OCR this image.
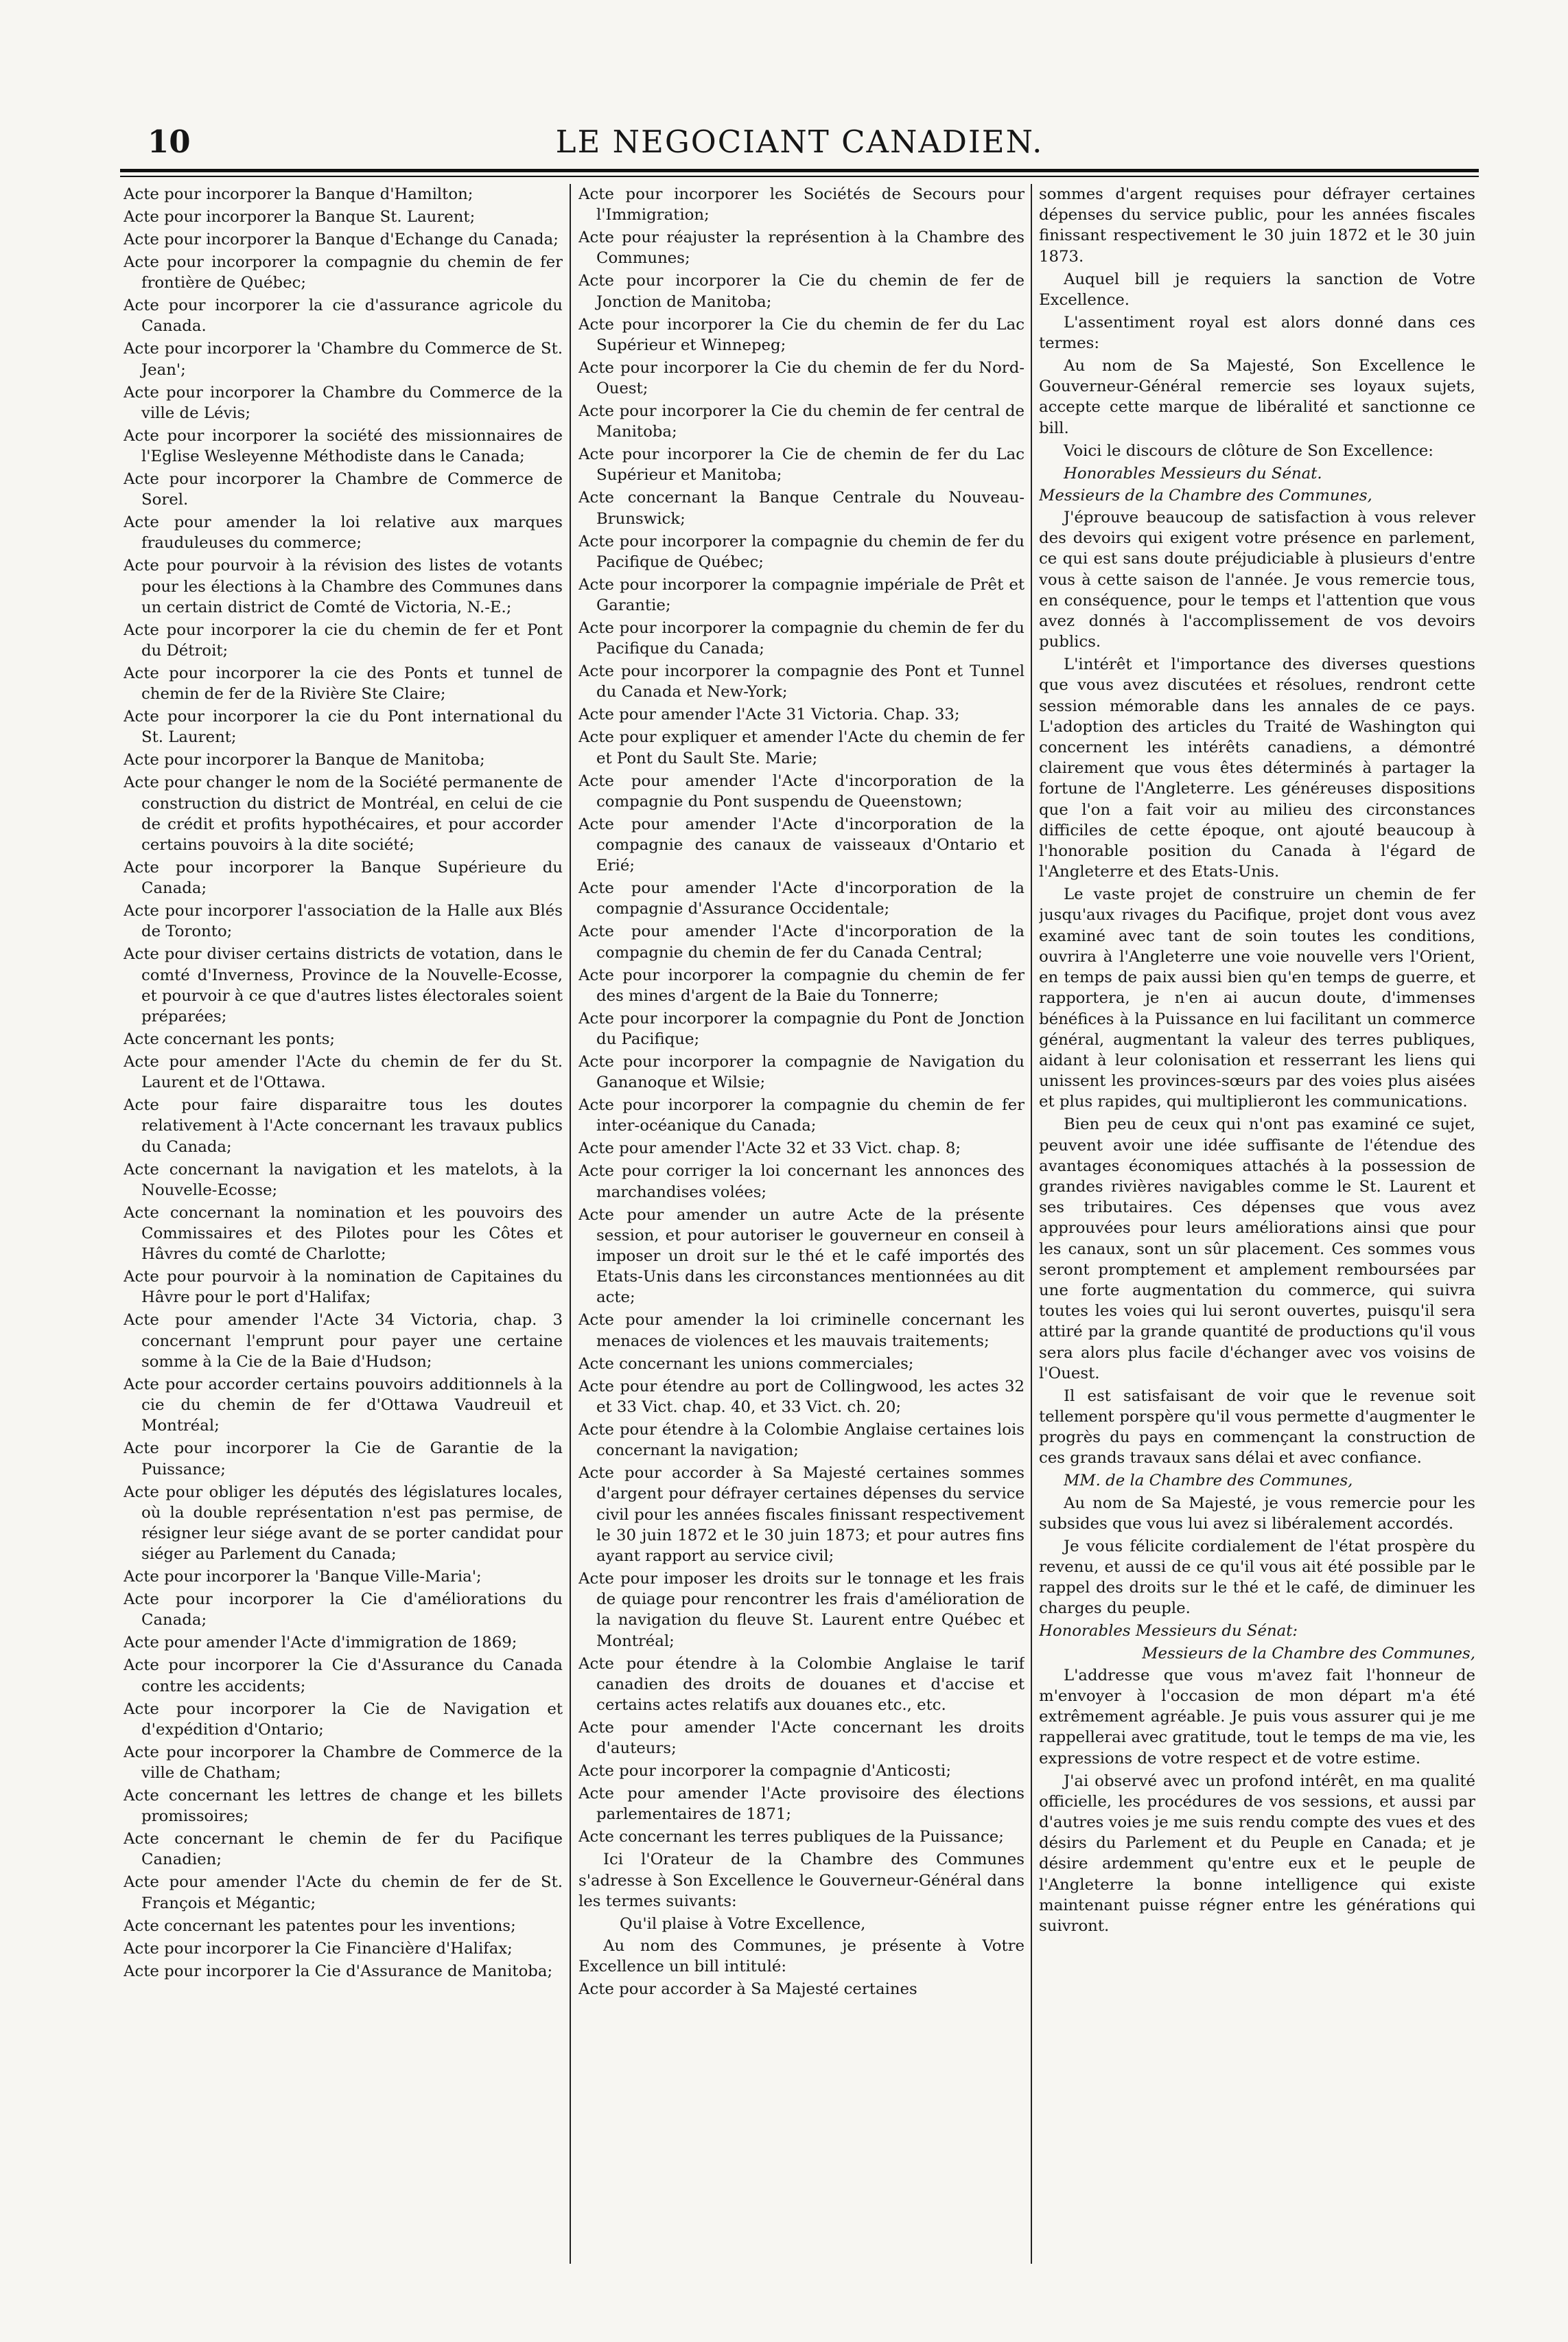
10	LE NEGOCIANT CANADIEN.

Acte pour incorporer la Banque d'Hamilton;

Acte pour incorporer la Banque St. Laurent;

Acte pour incorporer la Banque d'Echange du Canada;

Acte pour incorporer la compagnie du chemin de fer frontière de Québec;

Acte pour incorporer la cie d'assurance agricole du Canada.

Acte pour incorporer la 'Chambre du Commerce de St. Jean';

Acte pour incorporer la Chambre du Commerce de la ville de Lévis;

Acte pour incorporer la société des missionnaires de l'Eglise Wesleyenne Méthodiste dans le Canada;

Acte pour incorporer la Chambre de Commerce de Sorel.

Acte pour amender la loi relative aux marques frauduleuses du commerce;

Acte pour pourvoir à la révision des listes de votants pour les élections à la Chambre des Communes dans un certain district de Comté de Victoria, N.-E.;

Acte pour incorporer la cie du chemin de fer et Pont du Détroit;

Acte pour incorporer la cie des Ponts et tunnel de chemin de fer de la Rivière Ste Claire;

Acte pour incorporer la cie du Pont international du St. Laurent;

Acte pour incorporer la Banque de Manitoba;

Acte pour changer le nom de la Société permanente de construction du district de Montréal, en celui de cie de crédit et profits hypothécaires, et pour accorder certains pouvoirs à la dite société;

Acte pour incorporer la Banque Supérieure du Canada;

Acte pour incorporer l'association de la Halle aux Blés de Toronto;

Acte pour diviser certains districts de votation, dans le comté d'Inverness, Province de la Nouvelle-Ecosse, et pourvoir à ce que d'autres listes électorales soient préparées;

Acte concernant les ponts;

Acte pour amender l'Acte du chemin de fer du St. Laurent et de l'Ottawa.

Acte pour faire disparaitre tous les doutes relativement à l'Acte concernant les travaux publics du Canada;

Acte concernant la navigation et les matelots, à la Nouvelle-Ecosse;

Acte concernant la nomination et les pouvoirs des Commissaires et des Pilotes pour les Côtes et Hâvres du comté de Charlotte;

Acte pour pourvoir à la nomination de Capitaines du Hâvre pour le port d'Halifax;

Acte pour amender l'Acte 34 Victoria, chap. 3 concernant l'emprunt pour payer une certaine somme à la Cie de la Baie d'Hudson;

Acte pour accorder certains pouvoirs additionnels à la cie du chemin de fer d'Ottawa Vaudreuil et Montréal;

Acte pour incorporer la Cie de Garantie de la Puissance;

Acte pour obliger les députés des législatures locales, où la double représentation n'est pas permise, de résigner leur siége avant de se porter candidat pour siéger au Parlement du Canada;

Acte pour incorporer la 'Banque Ville-Maria';

Acte pour incorporer la Cie d'améliorations du Canada;

Acte pour amender l'Acte d'immigration de 1869;

Acte pour incorporer la Cie d'Assurance du Canada contre les accidents;

Acte pour incorporer la Cie de Navigation et d'expédition d'Ontario;

Acte pour incorporer la Chambre de Commerce de la ville de Chatham;

Acte concernant les lettres de change et les billets promissoires;

Acte concernant le chemin de fer du Pacifique Canadien;

Acte pour amender l'Acte du chemin de fer de St. François et Mégantic;

Acte concernant les patentes pour les inventions;

Acte pour incorporer la Cie Financière d'Halifax;

Acte pour incorporer la Cie d'Assurance de Manitoba;

Acte pour incorporer les Sociétés de Secours pour l'Immigration;

Acte pour réajuster la représention à la Chambre des Communes;

Acte pour incorporer la Cie du chemin de fer de Jonction de Manitoba;

Acte pour incorporer la Cie du chemin de fer du Lac Supérieur et Winnepeg;

Acte pour incorporer la Cie du chemin de fer du Nord-Ouest;

Acte pour incorporer la Cie du chemin de fer central de Manitoba;

Acte pour incorporer la Cie de chemin de fer du Lac Supérieur et Manitoba;

Acte concernant la Banque Centrale du Nouveau-Brunswick;

Acte pour incorporer la compagnie du chemin de fer du Pacifique de Québec;

Acte pour incorporer la compagnie impériale de Prêt et Garantie;

Acte pour incorporer la compagnie du chemin de fer du Pacifique du Canada;

Acte pour incorporer la compagnie des Pont et Tunnel du Canada et New-York;

Acte pour amender l'Acte 31 Victoria. Chap. 33;

Acte pour expliquer et amender l'Acte du chemin de fer et Pont du Sault Ste. Marie;

Acte pour amender l'Acte d'incorporation de la compagnie du Pont suspendu de Queenstown;

Acte pour amender l'Acte d'incorporation de la compagnie des canaux de vaisseaux d'Ontario et Erié;

Acte pour amender l'Acte d'incorporation de la compagnie d'Assurance Occidentale;

Acte pour amender l'Acte d'incorporation de la compagnie du chemin de fer du Canada Central;

Acte pour incorporer la compagnie du chemin de fer des mines d'argent de la Baie du Tonnerre;

Acte pour incorporer la compagnie du Pont de Jonction du Pacifique;

Acte pour incorporer la compagnie de Navigation du Gananoque et Wilsie;

Acte pour incorporer la compagnie du chemin de fer inter-océanique du Canada;

Acte pour amender l'Acte 32 et 33 Vict. chap. 8;

Acte pour corriger la loi concernant les annonces des marchandises volées;

Acte pour amender un autre Acte de la présente session, et pour autoriser le gouverneur en conseil à imposer un droit sur le thé et le café importés des Etats-Unis dans les circonstances mentionnées au dit acte;

Acte pour amender la loi criminelle concernant les menaces de violences et les mauvais traitements;

Acte concernant les unions commerciales;

Acte pour étendre au port de Collingwood, les actes 32 et 33 Vict. chap. 40, et 33 Vict. ch. 20;

Acte pour étendre à la Colombie Anglaise certaines lois concernant la navigation;

Acte pour accorder à Sa Majesté certaines sommes d'argent pour défrayer certaines dépenses du service civil pour les années fiscales finissant respectivement le 30 juin 1872 et le 30 juin 1873; et pour autres fins ayant rapport au service civil;

Acte pour imposer les droits sur le tonnage et les frais de quiage pour rencontrer les frais d'amélioration de la navigation du fleuve St. Laurent entre Québec et Montréal;

Acte pour étendre à la Colombie Anglaise le tarif canadien des droits de douanes et d'accise et certains actes relatifs aux douanes etc., etc.

Acte pour amender l'Acte concernant les droits d'auteurs;

Acte pour incorporer la compagnie d'Anticosti;

Acte pour amender l'Acte provisoire des élections parlementaires de 1871;

Acte concernant les terres publiques de la Puissance;

Ici l'Orateur de la Chambre des Communes s'adresse à Son Excellence le Gouverneur-Général dans les termes suivants:

Qu'il plaise à Votre Excellence,

Au nom des Communes, je présente à Votre Excellence un bill intitulé:

Acte pour accorder à Sa Majesté certaines

sommes d'argent requises pour défrayer certaines dépenses du service public, pour les années fiscales finissant respectivement le 30 juin 1872 et le 30 juin 1873.

Auquel bill je requiers la sanction de Votre Excellence.

L'assentiment royal est alors donné dans ces termes:

Au nom de Sa Majesté, Son Excellence le Gouverneur-Général remercie ses loyaux sujets, accepte cette marque de libéralité et sanctionne ce bill.

Voici le discours de clôture de Son Excellence:

Honorables Messieurs du Sénat.

Messieurs de la Chambre des Communes,

J'éprouve beaucoup de satisfaction à vous relever des devoirs qui exigent votre présence en parlement, ce qui est sans doute préjudiciable à plusieurs d'entre vous à cette saison de l'année. Je vous remercie tous, en conséquence, pour le temps et l'attention que vous avez donnés à l'accomplissement de vos devoirs publics.

L'intérêt et l'importance des diverses questions que vous avez discutées et résolues, rendront cette session mémorable dans les annales de ce pays. L'adoption des articles du Traité de Washington qui concernent les intérêts canadiens, a démontré clairement que vous êtes déterminés à partager la fortune de l'Angleterre. Les généreuses dispositions que l'on a fait voir au milieu des circonstances difficiles de cette époque, ont ajouté beaucoup à l'honorable position du Canada à l'égard de l'Angleterre et des Etats-Unis.

Le vaste projet de construire un chemin de fer jusqu'aux rivages du Pacifique, projet dont vous avez examiné avec tant de soin toutes les conditions, ouvrira à l'Angleterre une voie nouvelle vers l'Orient, en temps de paix aussi bien qu'en temps de guerre, et rapportera, je n'en ai aucun doute, d'immenses bénéfices à la Puissance en lui facilitant un commerce général, augmentant la valeur des terres publiques, aidant à leur colonisation et resserrant les liens qui unissent les provinces-sœurs par des voies plus aisées et plus rapides, qui multiplieront les communications.

Bien peu de ceux qui n'ont pas examiné ce sujet, peuvent avoir une idée suffisante de l'étendue des avantages économiques attachés à la possession de grandes rivières navigables comme le St. Laurent et ses tributaires. Ces dépenses que vous avez approuvées pour leurs améliorations ainsi que pour les canaux, sont un sûr placement. Ces sommes vous seront promptement et amplement remboursées par une forte augmentation du commerce, qui suivra toutes les voies qui lui seront ouvertes, puisqu'il sera attiré par la grande quantité de productions qu'il vous sera alors plus facile d'échanger avec vos voisins de l'Ouest.

Il est satisfaisant de voir que le revenue soit tellement porspère qu'il vous permette d'augmenter le progrès du pays en commençant la construction de ces grands travaux sans délai et avec confiance.

MM. de la Chambre des Communes,

Au nom de Sa Majesté, je vous remercie pour les subsides que vous lui avez si libéralement accordés.

Je vous félicite cordialement de l'état prospère du revenu, et aussi de ce qu'il vous ait été possible par le rappel des droits sur le thé et le café, de diminuer les charges du peuple.

Honorables Messieurs du Sénat:

Messieurs de la Chambre des Communes,

L'addresse que vous m'avez fait l'honneur de m'envoyer à l'occasion de mon départ m'a été extrêmement agréable. Je puis vous assurer qui je me rappellerai avec gratitude, tout le temps de ma vie, les expressions de votre respect et de votre estime.

J'ai observé avec un profond intérêt, en ma qualité officielle, les procédures de vos sessions, et aussi par d'autres voies je me suis rendu compte des vues et des désirs du Parlement et du Peuple en Canada; et je désire ardemment qu'entre eux et le peuple de l'Angleterre la bonne intelligence qui existe maintenant puisse régner entre les générations qui suivront.
